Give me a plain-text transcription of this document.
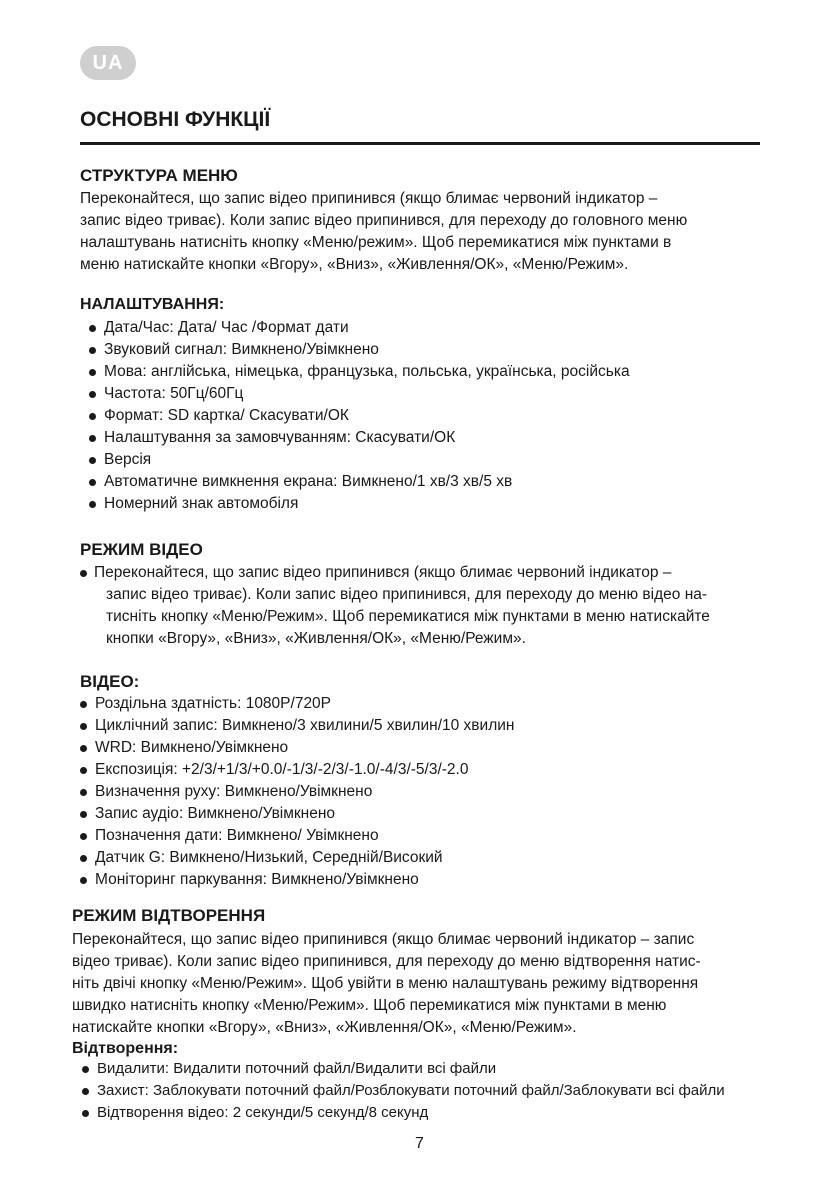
UA
ОСНОВНІ ФУНКЦІЇ
СТРУКТУРА МЕНЮ
Переконайтеся, що запис відео припинився (якщо блимає червоний індикатор –
запис відео триває). Коли запис відео припинився, для переходу до головного меню
налаштувань натисніть кнопку «Меню/режим». Щоб перемикатися між пунктами в
меню натискайте кнопки «Вгору», «Вниз», «Живлення/ОК», «Меню/Режим».
НАЛАШТУВАННЯ:
Дата/Час: Дата/ Час /Формат дати
Звуковий сигнал: Вимкнено/Увімкнено
Мова: англійська, німецька, французька, польська, українська, російська
Частота: 50Гц/60Гц
Формат: SD картка/ Скасувати/ОК
Налаштування за замовчуванням: Скасувати/ОК
Версія
Автоматичне вимкнення екрана: Вимкнено/1 хв/3 хв/5 хв
Номерний знак автомобіля
РЕЖИМ ВІДЕО
Переконайтеся, що запис відео припинився (якщо блимає червоний індикатор –
запис відео триває). Коли запис відео припинився, для переходу до меню відео на-
тисніть кнопку «Меню/Режим». Щоб перемикатися між пунктами в меню натискайте
кнопки «Вгору», «Вниз», «Живлення/ОК», «Меню/Режим».
ВІДЕО:
Роздільна здатність: 1080P/720P
Циклічний запис: Вимкнено/3 хвилини/5 хвилин/10 хвилин
WRD: Вимкнено/Увімкнено
Експозиція: +2/3/+1/3/+0.0/-1/3/-2/3/-1.0/-4/3/-5/3/-2.0
Визначення руху: Вимкнено/Увімкнено
Запис аудіо: Вимкнено/Увімкнено
Позначення дати: Вимкнено/ Увімкнено
Датчик G: Вимкнено/Низький, Середній/Високий
Моніторинг паркування: Вимкнено/Увімкнено
РЕЖИМ ВІДТВОРЕННЯ
Переконайтеся, що запис відео припинився (якщо блимає червоний індикатор – запис
відео триває). Коли запис відео припинився, для переходу до меню відтворення натис-
ніть двічі кнопку «Меню/Режим». Щоб увійти в меню налаштувань режиму відтворення
швидко натисніть кнопку «Меню/Режим». Щоб перемикатися між пунктами в меню
натискайте кнопки «Вгору», «Вниз», «Живлення/ОК», «Меню/Режим».
Відтворення:
Видалити: Видалити поточний файл/Видалити всі файли
Захист: Заблокувати поточний файл/Розблокувати поточний файл/Заблокувати всі файли
Відтворення відео: 2 секунди/5 секунд/8 секунд
7
